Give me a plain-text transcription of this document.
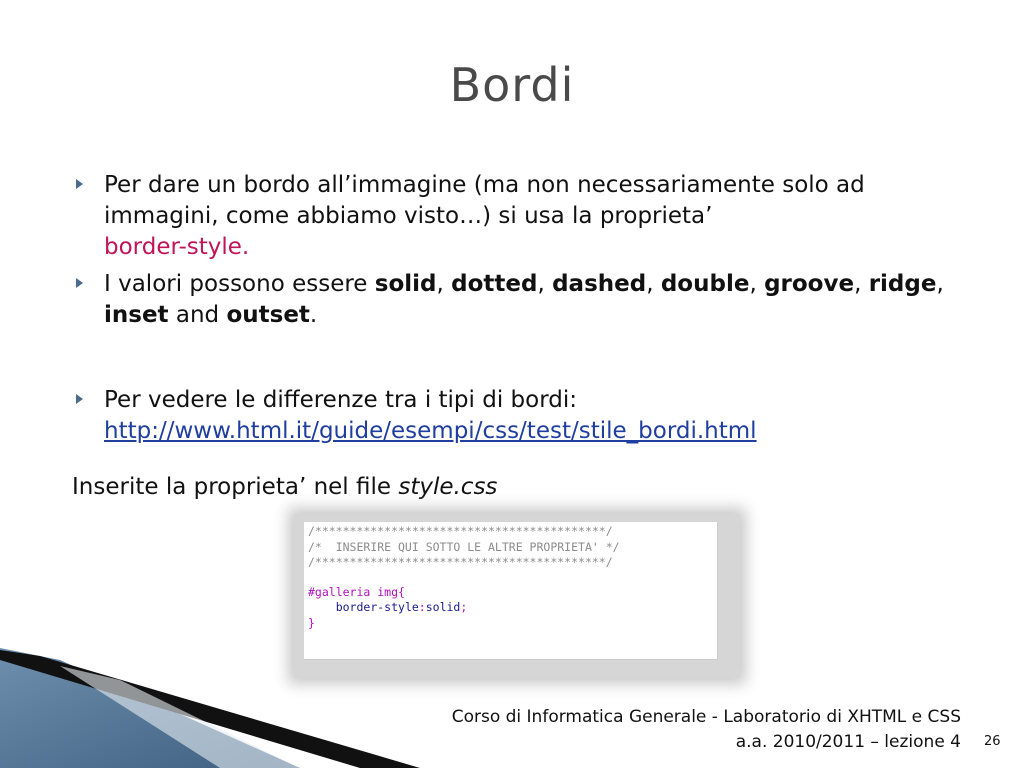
Bordi
Per dare un bordo all’immagine (ma non necessariamente solo ad immagini, come abbiamo visto…) si usa la proprieta’
border-style.
I valori possono essere solid, dotted, dashed, double, groove, ridge, inset and outset.
Per vedere le differenze tra i tipi di bordi:
http://www.html.it/guide/esempi/css/test/stile_bordi.html
Inserite la proprieta’ nel file style.css
/******************************************/
/*  INSERIRE QUI SOTTO LE ALTRE PROPRIETA' */
/******************************************/
#galleria img{
border-style:solid;
}
Corso di Informatica Generale - Laboratorio di XHTML e CSS
a.a. 2010/2011 – lezione 4 26
